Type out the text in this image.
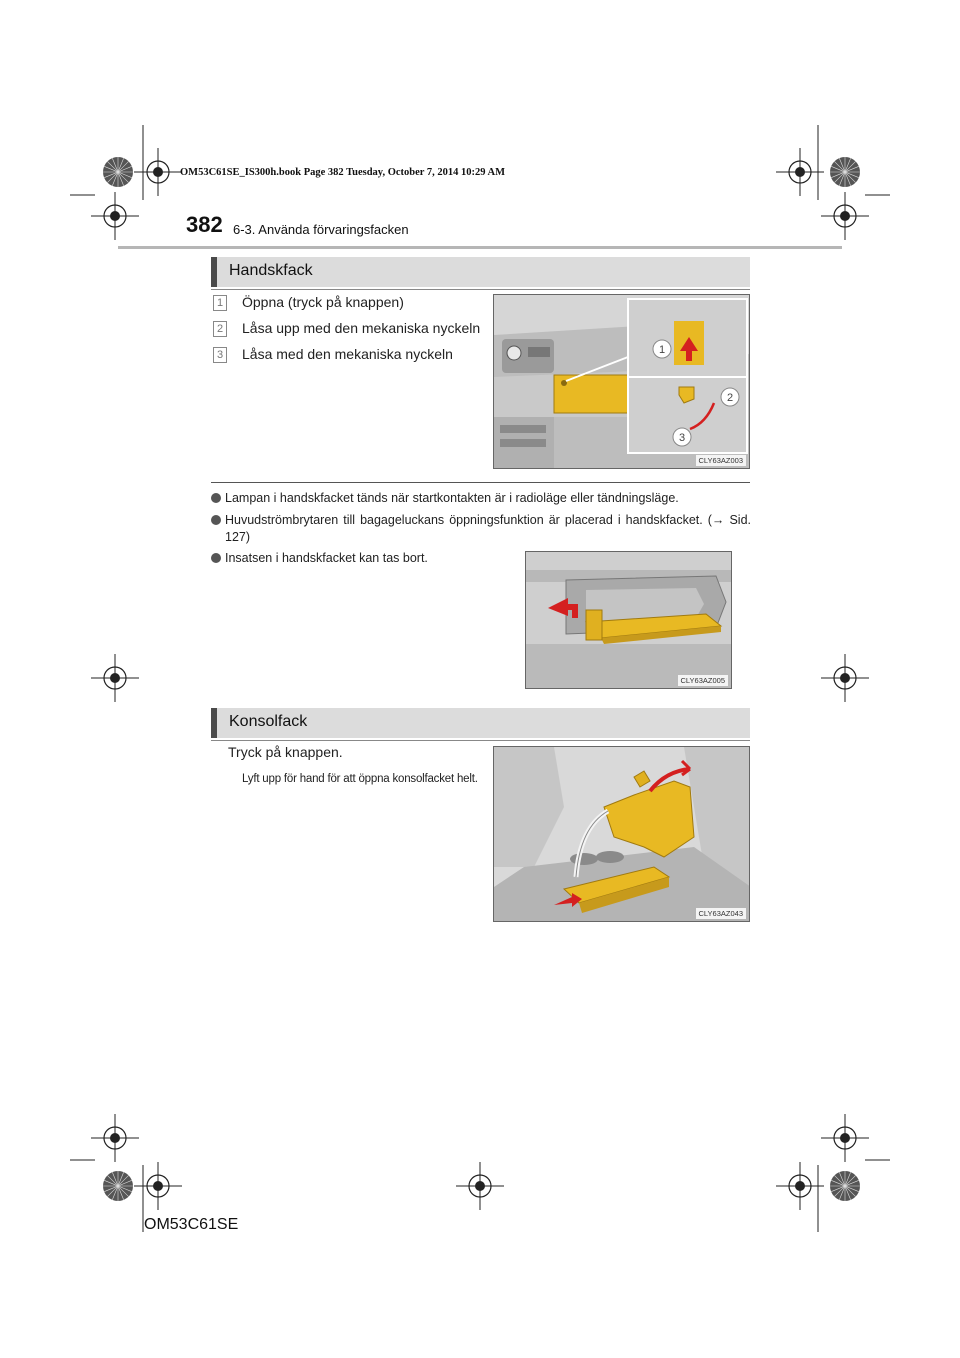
OM53C61SE_IS300h.book Page 382 Tuesday, October 7, 2014 10:29 AM
382 6-3. Använda förvaringsfacken
Handskfack
1 Öppna (tryck på knappen)
2 Låsa upp med den mekaniska nyckeln
3 Låsa med den mekaniska nyckeln	1
2
3
CLY63AZ003
Lampan i handskfacket tänds när startkontakten är i radioläge eller tändningsläge.
Huvudströmbrytaren till bagageluckans öppningsfunktion är placerad i handskfacket. (→ Sid. 127)
Insatsen i handskfacket kan tas bort.
CLY63AZ005
Konsolfack
Tryck på knappen.
Lyft upp för hand för att öppna konsolfacket helt.
CLY63AZ043
OM53C61SE
